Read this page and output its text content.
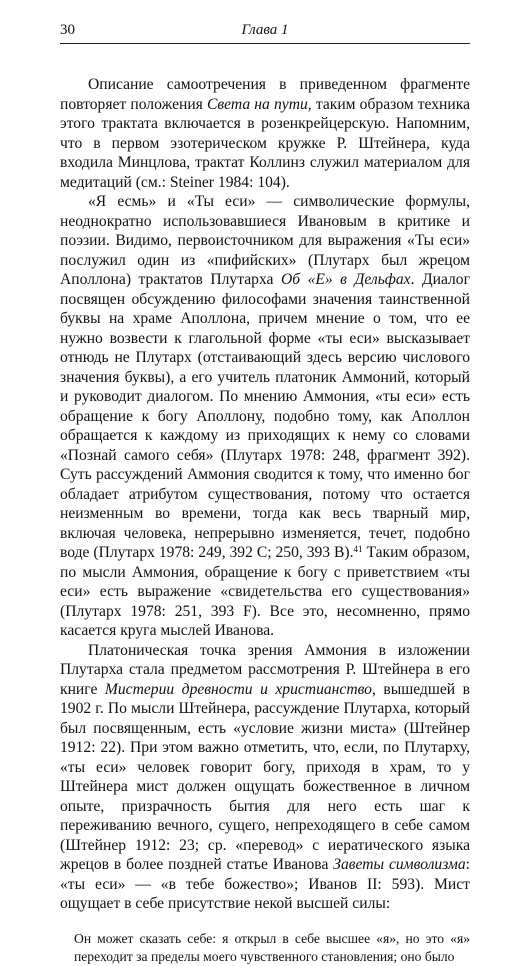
30	Глава 1

Описание самоотречения в приведенном фрагменте повторяет положения Света на пути, таким образом техника этого трактата включается в розенкрейцерскую. Напомним, что в первом эзотерическом кружке Р. Штейнера, куда входила Минцлова, трактат Коллинз служил материалом для медитаций (см.: Steiner 1984: 104).

«Я есмь» и «Ты еси» — символические формулы, неоднократно использовавшиеся Ивановым в критике и поэзии. Видимо, первоисточником для выражения «Ты еси» послужил один из «пифийских» (Плутарх был жрецом Аполлона) трактатов Плутарха Об «Е» в Дельфах. Диалог посвящен обсуждению философами значения таинственной буквы на храме Аполлона, причем мнение о том, что ее нужно возвести к глагольной форме «ты еси» высказывает отнюдь не Плутарх (отстаивающий здесь версию числового значения буквы), а его учитель платоник Аммоний, который и руководит диалогом. По мнению Аммония, «ты еси» есть обращение к богу Аполлону, подобно тому, как Аполлон обращается к каждому из приходящих к нему со словами «Познай самого себя» (Плутарх 1978: 248, фрагмент 392). Суть рассуждений Аммония сводится к тому, что именно бог обладает атрибутом существования, потому что остается неизменным во времени, тогда как весь тварный мир, включая человека, непрерывно изменяется, течет, подобно воде (Плутарх 1978: 249, 392 C; 250, 393 B).$^{41}$ Таким образом, по мысли Аммония, обращение к богу с приветствием «ты еси» есть выражение «свидетельства его существования» (Плутарх 1978: 251, 393 F). Все это, несомненно, прямо касается круга мыслей Иванова.

Платоническая точка зрения Аммония в изложении Плутарха стала предметом рассмотрения Р. Штейнера в его книге Мистерии древности и христианство, вышедшей в 1902 г. По мысли Штейнера, рассуждение Плутарха, который был посвященным, есть «условие жизни миста» (Штейнер 1912: 22). При этом важно отметить, что, если, по Плутарху, «ты еси» человек говорит богу, приходя в храм, то у Штейнера мист должен ощущать божественное в личном опыте, призрачность бытия для него есть шаг к переживанию вечного, сущего, непреходящего в себе самом (Штейнер 1912: 23; ср. «перевод» с иератического языка жрецов в более поздней статье Иванова Заветы символизма: «ты еси» — «в тебе божество»; Иванов II: 593). Мист ощущает в себе присутствие некой высшей силы:

Он может сказать себе: я открыл в себе высшее «я», но это «я» переходит за пределы моего чувственного становления; оно было
